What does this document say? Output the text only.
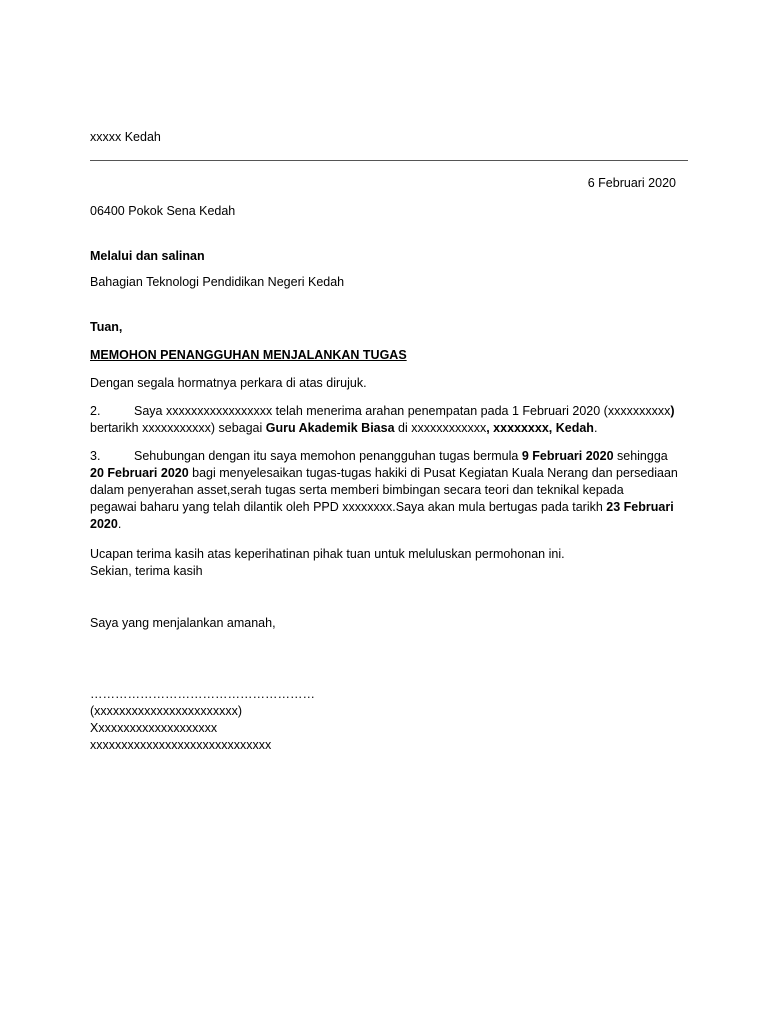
xxxxx Kedah
6 Februari 2020
06400 Pokok Sena Kedah
Melalui dan salinan
Bahagian Teknologi Pendidikan Negeri Kedah
Tuan,
MEMOHON PENANGGUHAN MENJALANKAN TUGAS
Dengan segala hormatnya perkara di atas dirujuk.
2.	Saya xxxxxxxxxxxxxxxxx telah menerima arahan penempatan pada 1 Februari 2020 (xxxxxxxxxx)
bertarikh xxxxxxxxxxx) sebagai Guru Akademik Biasa di xxxxxxxxxxxx, xxxxxxxx, Kedah.
3.	Sehubungan dengan itu saya memohon penangguhan tugas bermula 9 Februari 2020 sehingga
20 Februari 2020 bagi menyelesaikan tugas-tugas hakiki di Pusat Kegiatan Kuala Nerang dan persediaan
dalam penyerahan asset,serah tugas serta memberi bimbingan secara teori dan teknikal kepada
pegawai baharu yang telah dilantik oleh PPD xxxxxxxx.Saya akan mula bertugas pada tarikh 23 Februari
2020.
Ucapan terima kasih atas keperihatinan pihak tuan untuk meluluskan permohonan ini.
Sekian, terima kasih
Saya yang menjalankan amanah,
………………………………………………
(xxxxxxxxxxxxxxxxxxxxxxx)
Xxxxxxxxxxxxxxxxxxxx
xxxxxxxxxxxxxxxxxxxxxxxxxxxxx
